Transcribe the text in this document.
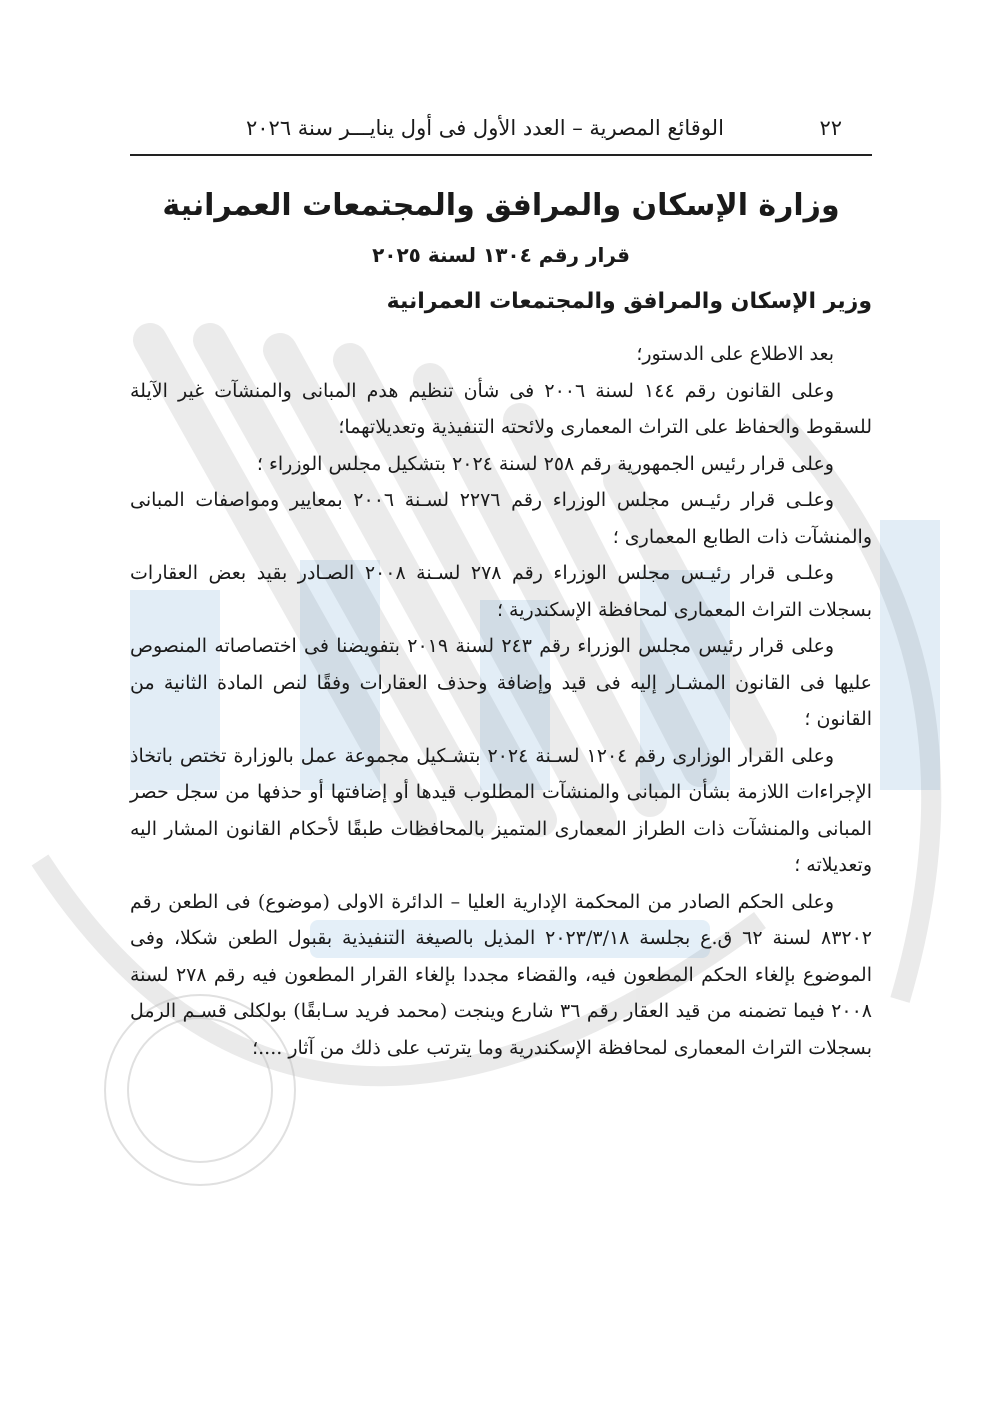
٢٢
الوقائع المصرية – العدد الأول فى أول ينايـــر سنة ٢٠٢٦
وزارة الإسكان والمرافق والمجتمعات العمرانية
قرار رقم ١٣٠٤ لسنة ٢٠٢٥
وزير الإسكان والمرافق والمجتمعات العمرانية

بعد الاطلاع على الدستور؛

وعلى القانون رقم ١٤٤ لسنة ٢٠٠٦ فى شأن تنظيم هدم المبانى والمنشآت غير الآيلة للسقوط والحفاظ على التراث المعمارى ولائحته التنفيذية وتعديلاتهما؛

وعلى قرار رئيس الجمهورية رقم ٢٥٨ لسنة ٢٠٢٤ بتشكيل مجلس الوزراء ؛

وعلـى قرار رئيـس مجلس الوزراء رقم ٢٢٧٦ لسـنة ٢٠٠٦ بمعايير ومواصفات المبانى والمنشآت ذات الطابع المعمارى ؛

وعلـى قرار رئيـس مجلس الوزراء رقم ٢٧٨ لسـنة ٢٠٠٨ الصـادر بقيد بعض العقارات بسجلات التراث المعمارى لمحافظة الإسكندرية ؛

وعلى قرار رئيس مجلس الوزراء رقم ٢٤٣ لسنة ٢٠١٩ بتفويضنا فى اختصاصاته المنصوص عليها فى القانون المشـار إليه فى قيد وإضافة وحذف العقارات وفقًا لنص المادة الثانية من القانون ؛

وعلى القرار الوزارى رقم ١٢٠٤ لسـنة ٢٠٢٤ بتشـكيل مجموعة عمل بالوزارة تختص باتخاذ الإجراءات اللازمة بشأن المبانى والمنشآت المطلوب قيدها أو إضافتها أو حذفها من سجل حصر المبانى والمنشآت ذات الطراز المعمارى المتميز بالمحافظات طبقًا لأحكام القانون المشار اليه وتعديلاته ؛

وعلى الحكم الصادر من المحكمة الإدارية العليا – الدائرة الاولى (موضوع) فى الطعن رقم ٨٣٢٠٢ لسنة ٦٢ ق.ع بجلسة ٢٠٢٣/٣/١٨ المذيل بالصيغة التنفيذية بقبول الطعن شكلا، وفى الموضوع بإلغاء الحكم المطعون فيه، والقضاء مجددا بإلغاء القرار المطعون فيه رقم ٢٧٨ لسنة ٢٠٠٨ فيما تضمنه من قيد العقار رقم ٣٦ شارع وينجت (محمد فريد سـابقًا) بولكلى قسـم الرمل بسجلات التراث المعمارى لمحافظة الإسكندرية وما يترتب على ذلك من آثار ....؛
